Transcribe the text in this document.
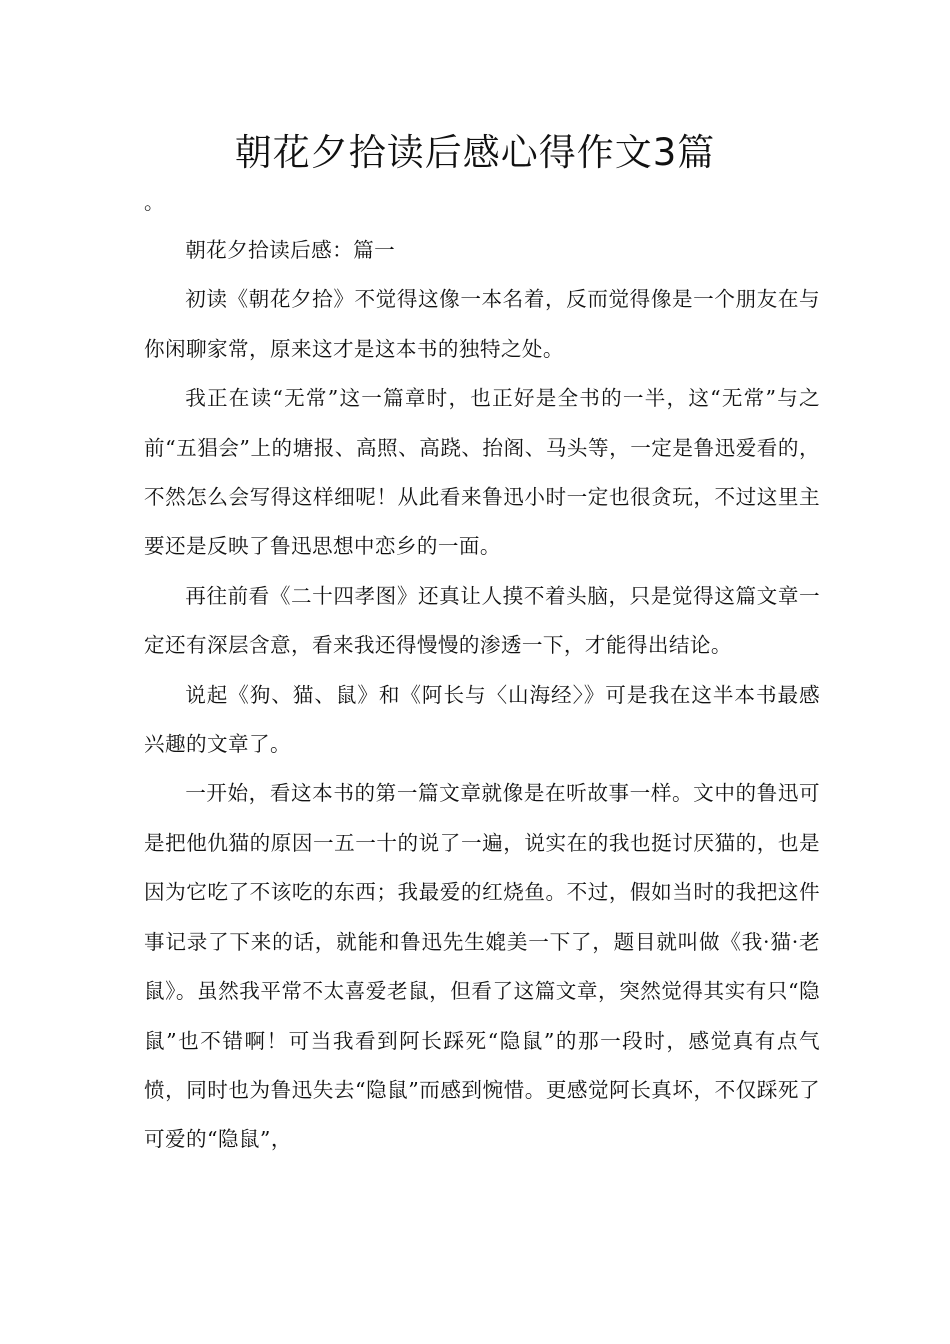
朝花夕拾读后感心得作文3篇
。

朝花夕拾读后感：篇一

初读《朝花夕拾》不觉得这像一本名着，反而觉得像是一个朋友在与你闲聊家常，原来这才是这本书的独特之处。

我正在读“无常”这一篇章时，也正好是全书的一半，这“无常”与之前“五猖会”上的塘报、高照、高跷、抬阁、马头等，一定是鲁迅爱看的，不然怎么会写得这样细呢！从此看来鲁迅小时一定也很贪玩，不过这里主要还是反映了鲁迅思想中恋乡的一面。

再往前看《二十四孝图》还真让人摸不着头脑，只是觉得这篇文章一定还有深层含意，看来我还得慢慢的渗透一下，才能得出结论。

说起《狗、猫、鼠》和《阿长与〈山海经〉》可是我在这半本书最感兴趣的文章了。

一开始，看这本书的第一篇文章就像是在听故事一样。文中的鲁迅可是把他仇猫的原因一五一十的说了一遍，说实在的我也挺讨厌猫的，也是因为它吃了不该吃的东西；我最爱的红烧鱼。不过，假如当时的我把这件事记录了下来的话，就能和鲁迅先生媲美一下了，题目就叫做《我·猫·老鼠》。虽然我平常不太喜爱老鼠，但看了这篇文章，突然觉得其实有只“隐鼠”也不错啊！可当我看到阿长踩死“隐鼠”的那一段时，感觉真有点气愤，同时也为鲁迅失去“隐鼠”而感到惋惜。更感觉阿长真坏，不仅踩死了可爱的“隐鼠”，
